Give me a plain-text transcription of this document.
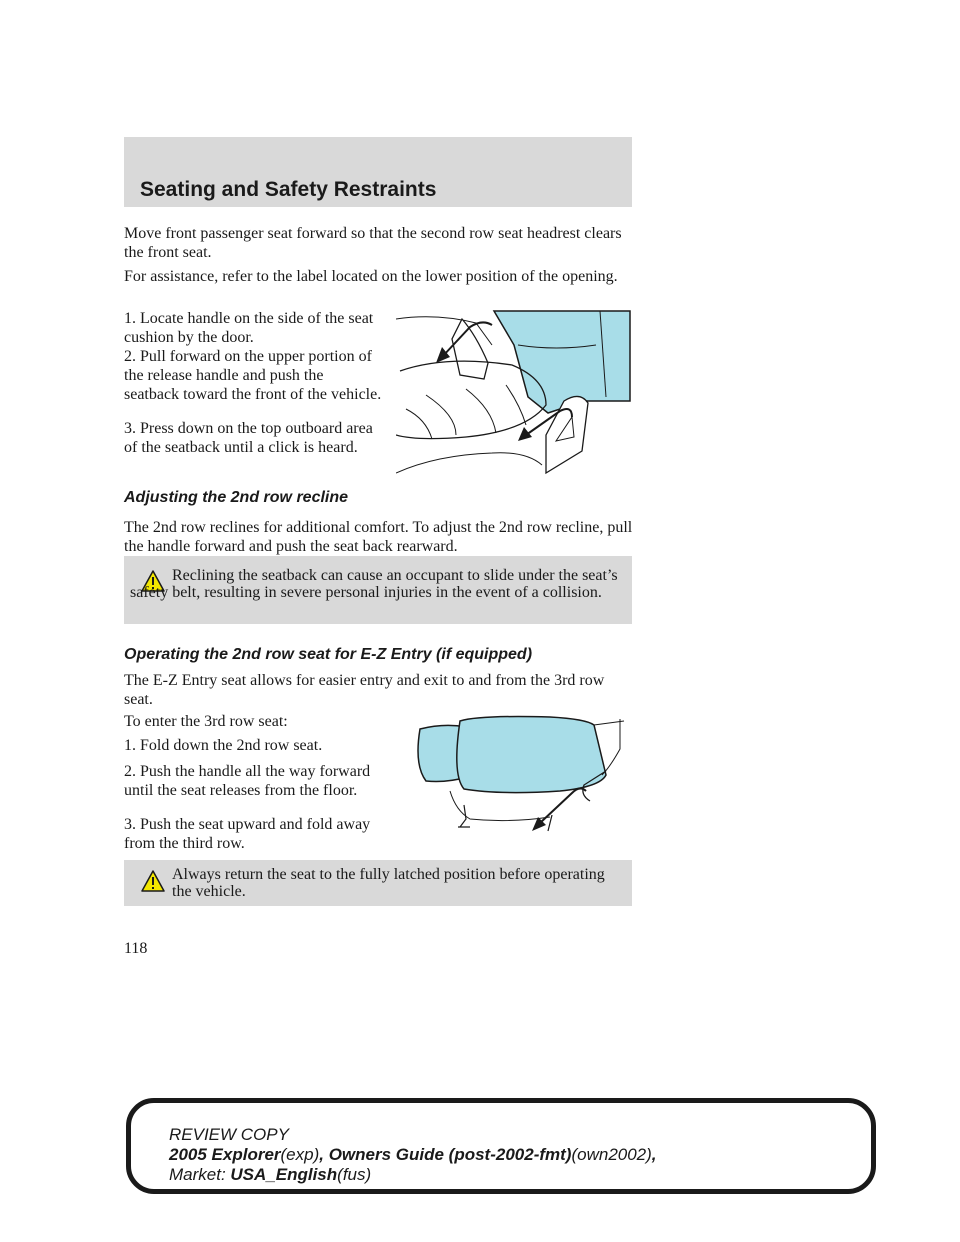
Seating and Safety Restraints

Move front passenger seat forward so that the second row seat headrest clears the front seat.

For assistance, refer to the label located on the lower position of the opening.

1. Locate handle on the side of the seat cushion by the door.

2. Pull forward on the upper portion of the release handle and push the seatback toward the front of the vehicle.

3. Press down on the top outboard area of the seatback until a click is heard.

Adjusting the 2nd row recline

The 2nd row reclines for additional comfort. To adjust the 2nd row recline, pull the handle forward and push the seat back rearward.

Reclining the seatback can cause an occupant to slide under the seat’s safety belt, resulting in severe personal injuries in the event of a collision.

Operating the 2nd row seat for E-Z Entry (if equipped)

The E-Z Entry seat allows for easier entry and exit to and from the 3rd row seat.

To enter the 3rd row seat:

1. Fold down the 2nd row seat.

2. Push the handle all the way forward until the seat releases from the floor.

3. Push the seat upward and fold away from the third row.

Always return the seat to the fully latched position before operating the vehicle.

118

REVIEW COPY
2005 Explorer(exp), Owners Guide (post-2002-fmt)(own2002),
Market: USA_English(fus)
